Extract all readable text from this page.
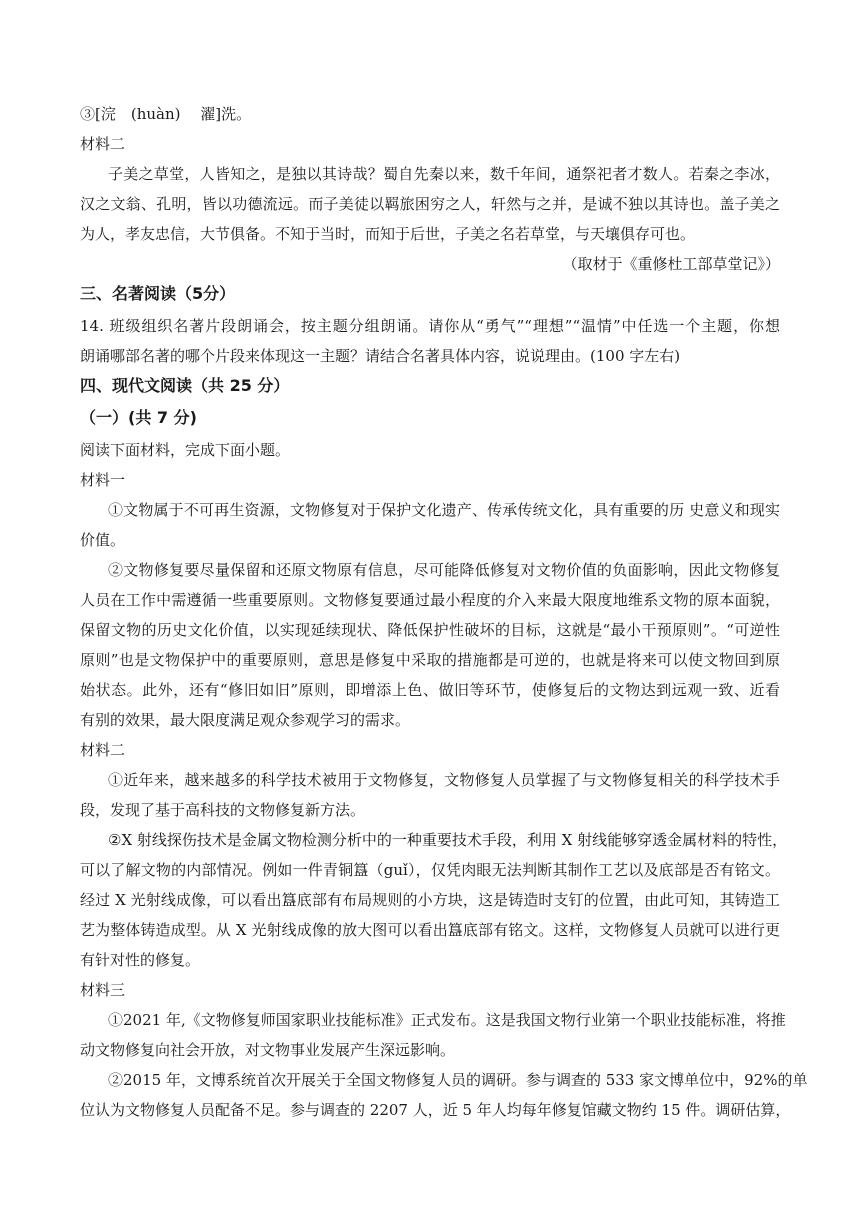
③[浣　(huàn)　 濯]洗。
材料二
子美之草堂，人皆知之，是独以其诗哉？蜀自先秦以来，数千年间，通祭祀者才数人。若秦之李冰，
汉之文翁、孔明，皆以功德流远。而子美徒以羁旅困穷之人，轩然与之并，是诚不独以其诗也。盖子美之
为人，孝友忠信，大节俱备。不知于当时，而知于后世，子美之名若草堂，与天壤俱存可也。
（取材于《重修杜工部草堂记》）
三、名著阅读（5分）
14. 班级组织名著片段朗诵会，按主题分组朗诵。请你从“勇气”“理想”“温情”中任选一个主题，你想
朗诵哪部名著的哪个片段来体现这一主题？请结合名著具体内容，说说理由。(100 字左右)
四、现代文阅读（共 25 分）
（一）(共 7 分)
阅读下面材料，完成下面小题。
材料一
①文物属于不可再生资源，文物修复对于保护文化遗产、传承传统文化，具有重要的历 史意义和现实
价值。
②文物修复要尽量保留和还原文物原有信息，尽可能降低修复对文物价值的负面影响，因此文物修复
人员在工作中需遵循一些重要原则。文物修复要通过最小程度的介入来最大限度地维系文物的原本面貌，
保留文物的历史文化价值，以实现延续现状、降低保护性破坏的目标，这就是“最小干预原则”。“可逆性
原则”也是文物保护中的重要原则，意思是修复中采取的措施都是可逆的，也就是将来可以使文物回到原
始状态。此外，还有“修旧如旧”原则，即增添上色、做旧等环节，使修复后的文物达到远观一致、近看
有别的效果，最大限度满足观众参观学习的需求。
材料二
①近年来，越来越多的科学技术被用于文物修复，文物修复人员掌握了与文物修复相关的科学技术手
段，发现了基于高科技的文物修复新方法。
②X 射线探伤技术是金属文物检测分析中的一种重要技术手段，利用 X 射线能够穿透金属材料的特性，
可以了解文物的内部情况。例如一件青铜簋（guǐ），仅凭肉眼无法判断其制作工艺以及底部是否有铭文。
经过 X 光射线成像，可以看出簋底部有布局规则的小方块，这是铸造时支钉的位置，由此可知，其铸造工
艺为整体铸造成型。从 X 光射线成像的放大图可以看出簋底部有铭文。这样，文物修复人员就可以进行更
有针对性的修复。
材料三
①2021 年,《文物修复师国家职业技能标准》正式发布。这是我国文物行业第一个职业技能标准，将推
动文物修复向社会开放，对文物事业发展产生深远影响。
②2015 年，文博系统首次开展关于全国文物修复人员的调研。参与调查的 533 家文博单位中，92%的单
位认为文物修复人员配备不足。参与调查的 2207 人，近 5 年人均每年修复馆藏文物约 15 件。调研估算，
